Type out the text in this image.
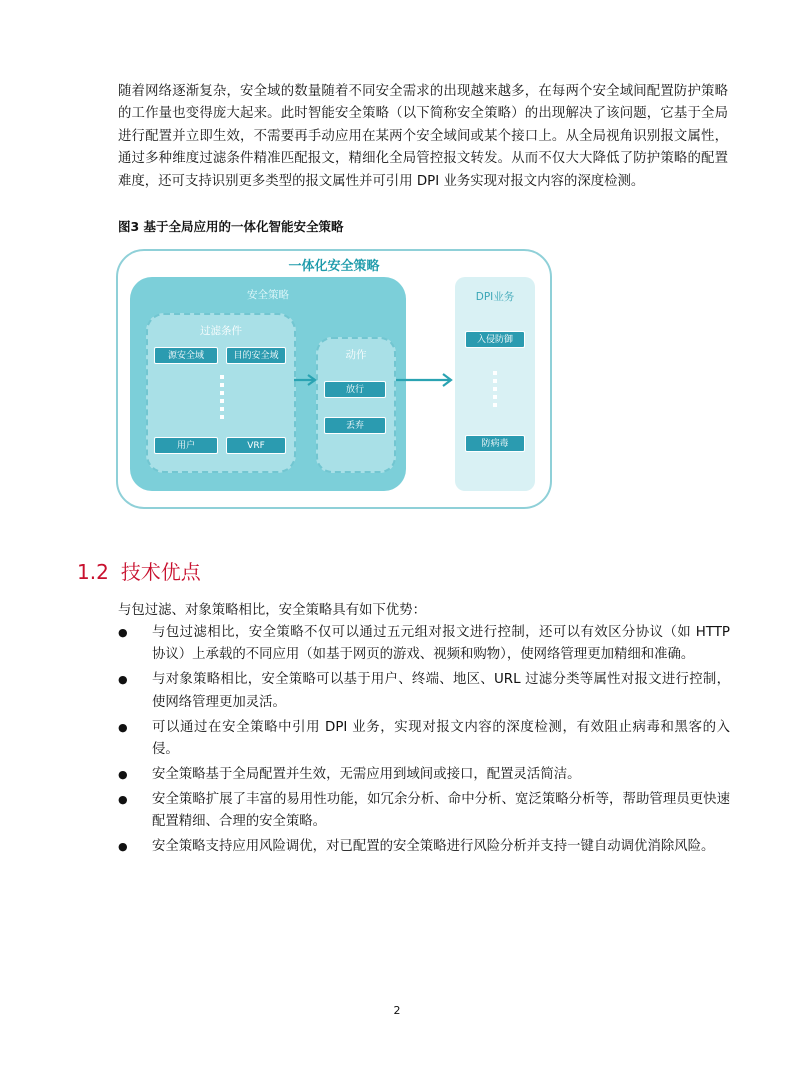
随着网络逐渐复杂，安全域的数量随着不同安全需求的出现越来越多，在每两个安全域间配置防护策略的工作量也变得庞大起来。此时智能安全策略（以下简称安全策略）的出现解决了该问题，它基于全局进行配置并立即生效，不需要再手动应用在某两个安全域间或某个接口上。从全局视角识别报文属性，通过多种维度过滤条件精准匹配报文，精细化全局管控报文转发。从而不仅大大降低了防护策略的配置难度，还可支持识别更多类型的报文属性并可引用 DPI 业务实现对报文内容的深度检测。

图3 基于全局应用的一体化智能安全策略

一体化安全策略
安全策略
过滤条件
源安全域	目的安全域
用户	VRF
动作
放行
丢弃
DPI业务
入侵防御
防病毒
1.2 技术优点

与包过滤、对象策略相比，安全策略具有如下优势：

● 与包过滤相比，安全策略不仅可以通过五元组对报文进行控制，还可以有效区分协议（如 HTTP 协议）上承载的不同应用（如基于网页的游戏、视频和购物），使网络管理更加精细和准确。
● 与对象策略相比，安全策略可以基于用户、终端、地区、URL 过滤分类等属性对报文进行控制，使网络管理更加灵活。
● 可以通过在安全策略中引用 DPI 业务，实现对报文内容的深度检测，有效阻止病毒和黑客的入侵。
● 安全策略基于全局配置并生效，无需应用到域间或接口，配置灵活简洁。
● 安全策略扩展了丰富的易用性功能，如冗余分析、命中分析、宽泛策略分析等，帮助管理员更快速配置精细、合理的安全策略。
● 安全策略支持应用风险调优，对已配置的安全策略进行风险分析并支持一键自动调优消除风险。

2
